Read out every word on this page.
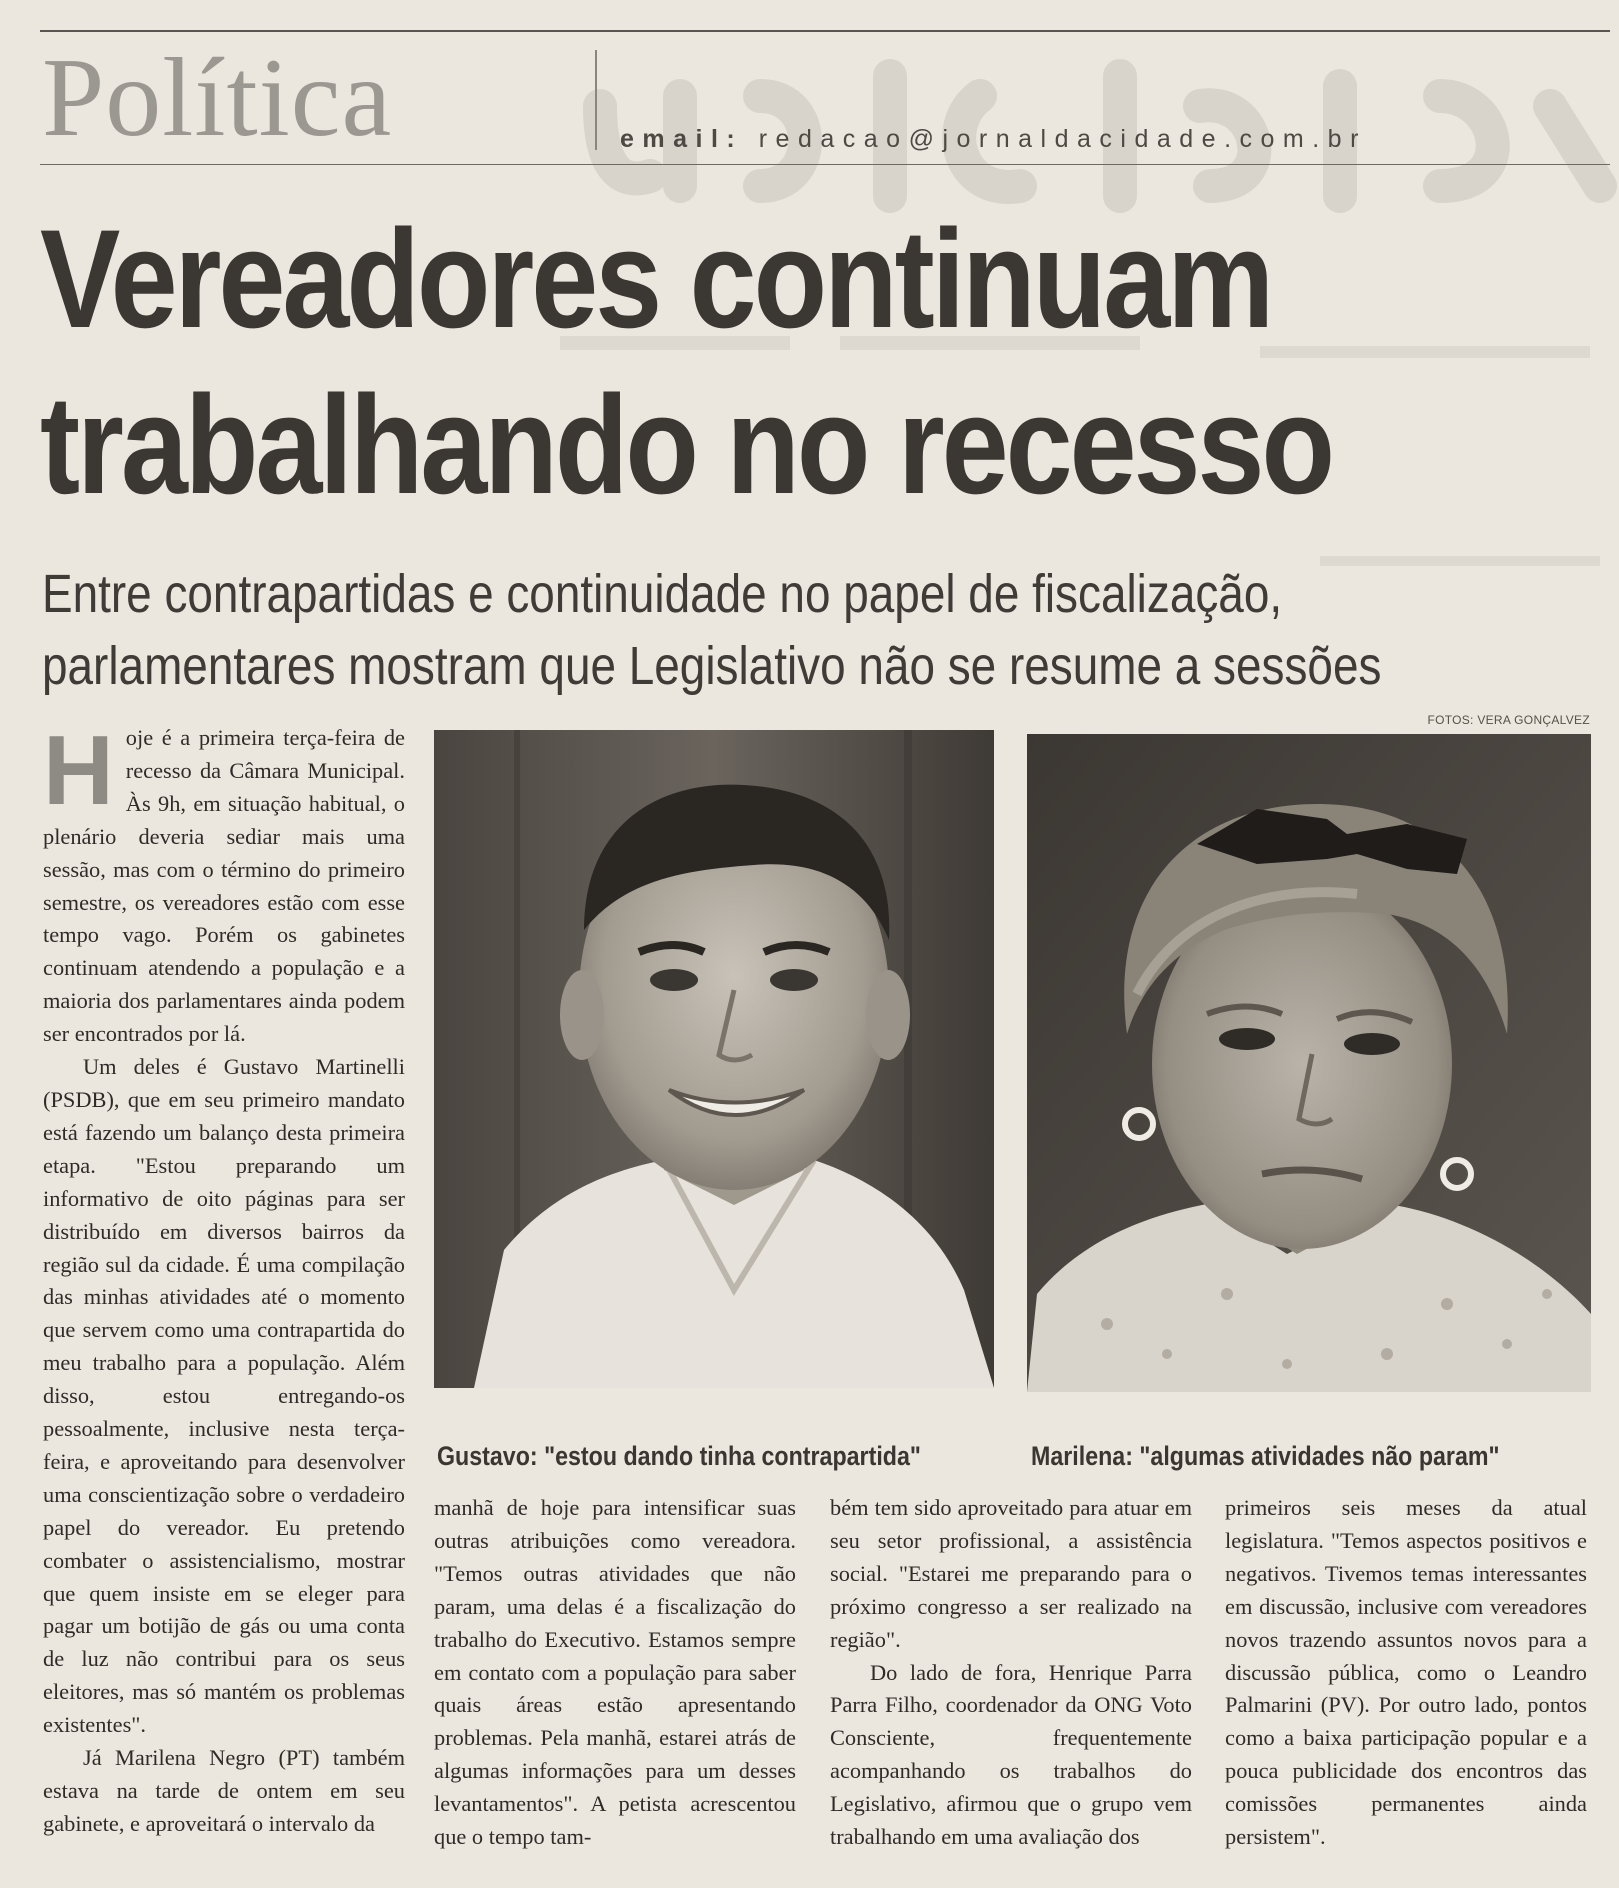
Política	email: redacao@jornaldacidade.com.br
Vereadores continuam
trabalhando no recesso
Entre contrapartidas e continuidade no papel de fiscalização,
parlamentares mostram que Legislativo não se resume a sessões
FOTOS: VERA GONÇALVEZ

Hoje é a primeira terça-feira de recesso da Câmara Municipal. Às 9h, em situação habitual, o plenário deveria sediar mais uma sessão, mas com o término do primeiro semestre, os vereadores estão com esse tempo vago. Porém os gabinetes continuam atendendo a população e a maioria dos parlamentares ainda podem ser encontrados por lá.

Um deles é Gustavo Martinelli (PSDB), que em seu primeiro mandato está fazendo um balanço desta primeira etapa. "Estou preparando um informativo de oito páginas para ser distribuído em diversos bairros da região sul da cidade. É uma compilação das minhas atividades até o momento que servem como uma contrapartida do meu trabalho para a população. Além disso, estou entregando-os pessoalmente, inclusive nesta terça-feira, e aproveitando para desenvolver uma conscientização sobre o verdadeiro papel do vereador. Eu pretendo combater o assistencialismo, mostrar que quem insiste em se eleger para pagar um botijão de gás ou uma conta de luz não contribui para os seus eleitores, mas só mantém os problemas existentes".

Já Marilena Negro (PT) também estava na tarde de ontem em seu gabinete, e aproveitará o intervalo da

Gustavo: "estou dando tinha contrapartida"	Marilena: "algumas atividades não param"

manhã de hoje para intensificar suas outras atribuições como vereadora. "Temos outras atividades que não param, uma delas é a fiscalização do trabalho do Executivo. Estamos sempre em contato com a população para saber quais áreas estão apresentando problemas. Pela manhã, estarei atrás de algumas informações para um desses levantamentos". A petista acrescentou que o tempo tam-

bém tem sido aproveitado para atuar em seu setor profissional, a assistência social. "Estarei me preparando para o próximo congresso a ser realizado na região".

Do lado de fora, Henrique Parra Parra Filho, coordenador da ONG Voto Consciente, frequentemente acompanhando os trabalhos do Legislativo, afirmou que o grupo vem trabalhando em uma avaliação dos

primeiros seis meses da atual legislatura. "Temos aspectos positivos e negativos. Tivemos temas interessantes em discussão, inclusive com vereadores novos trazendo assuntos novos para a discussão pública, como o Leandro Palmarini (PV). Por outro lado, pontos como a baixa participação popular e a pouca publicidade dos encontros das comissões permanentes ainda persistem".
